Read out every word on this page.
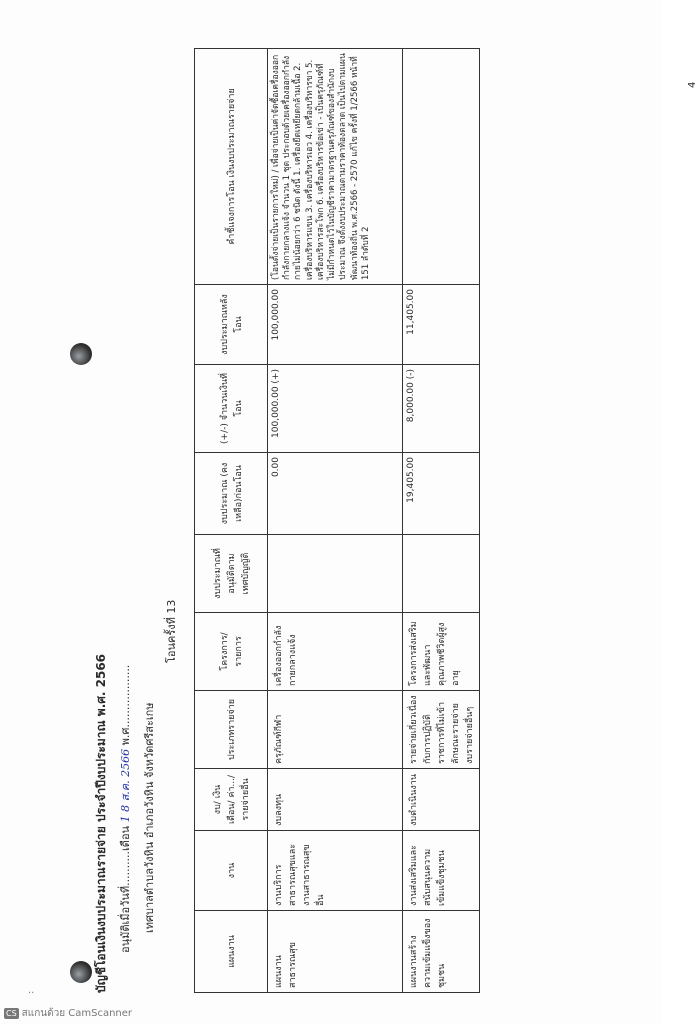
บัญชีโอนเงินงบประมาณรายจ่าย ประจำปีงบประมาณ พ.ศ. 2566 อนุมัติเมื่อวันที่..........เดือน 1 8 ส.ค. 2566 พ.ศ.................. เทศบาลตำบลวังหิน อำเภอวังหิน จังหวัดศรีสะเกษ
โอนครั้งที่ 13
แผนงาน	งาน	งบ/ เงินเดือน/ ค่า.../ รายจ่ายอื่น	ประเภทรายจ่าย	โครงการ/ รายการ	งบประมาณที่อนุมัติตามเทศบัญญัติ	งบประมาณ (คงเหลือ)ก่อนโอน	(+/-) จำนวนเงินที่โอน	งบประมาณหลังโอน	คำชี้แจงการโอน เงินงบประมาณรายจ่าย
แผนงานสาธารณสุข	งานบริการสาธารณสุขและงานสาธารณสุขอื่น	งบลงทุน	ครุภัณฑ์กีฬา	เครื่องออกกำลังกายกลางแจ้ง		0.00	100,000.00 (+)	100,000.00	(โอนตั้งจ่ายเป็นรายการใหม่) / เพื่อจ่ายเป็นค่าจัดซื้อเครื่องออกกำลังกายกลางแจ้ง จำนวน 1 ชุด ประกอบด้วยเครื่องออกกำลังกายไม่น้อยกว่า 6 ชนิด ดังนี้ 1. เครื่องยืดเหยียดกล้ามเนื้อ 2. เครื่องบริหารแขน 3. เครื่องบริหารเอว 4. เครื่องบริหารขา 5. เครื่องบริหารสะโพก 6. เครื่องบริหารข้อเข่า - เป็นครุภัณฑ์ที่ไม่มีกำหนดไว้ในบัญชีราคามาตรฐานครุภัณฑ์ของสำนักงบประมาณ จึงตั้งงบประมาณตามราคาท้องตลาด เป็นไปตามแผนพัฒนาท้องถิ่น พ.ศ.2566 - 2570 แก้ไข ครั้งที่ 1/2566 หน้าที่ 151 ลำดับที่ 2
แผนงานสร้างความเข้มแข็งของชุมชน	งานส่งเสริมและสนับสนุนความเข้มแข็งชุมชน	งบดำเนินงาน	รายจ่ายเกี่ยวเนื่องกับการปฏิบัติราชการที่ไม่เข้าลักษณะรายจ่ายงบรายจ่ายอื่นๆ	โครงการส่งเสริมและพัฒนาคุณภาพชีวิตผู้สูงอายุ		19,405.00	8,000.00 (-)	11,405.00	
4
..
CS สแกนด้วย CamScanner
